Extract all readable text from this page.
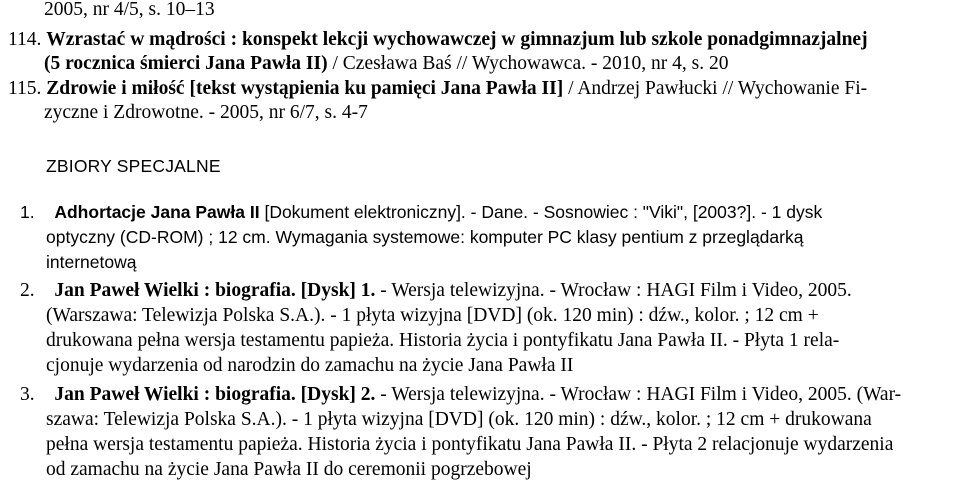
2005, nr 4/5, s. 10–13
114. Wzrastać w mądrości : konspekt lekcji wychowawczej w gimnazjum lub szkole ponadgimnazjalnej
(5 rocznica śmierci Jana Pawła II) / Czesława Baś // Wychowawca. - 2010, nr 4, s. 20
115. Zdrowie i miłość [tekst wystąpienia ku pamięci Jana Pawła II] / Andrzej Pawłucki // Wychowanie Fi-
zyczne i Zdrowotne. - 2005, nr 6/7, s. 4-7
ZBIORY SPECJALNE
1. Adhortacje Jana Pawła II [Dokument elektroniczny]. - Dane. - Sosnowiec : "Viki", [2003?]. - 1 dysk
optyczny (CD-ROM) ; 12 cm. Wymagania systemowe: komputer PC klasy pentium z przeglądarką
internetową
2. Jan Paweł Wielki : biografia. [Dysk] 1. - Wersja telewizyjna. - Wrocław : HAGI Film i Video, 2005.
(Warszawa: Telewizja Polska S.A.). - 1 płyta wizyjna [DVD] (ok. 120 min) : dźw., kolor. ; 12 cm +
drukowana pełna wersja testamentu papieża. Historia życia i pontyfikatu Jana Pawła II. - Płyta 1 rela-
cjonuje wydarzenia od narodzin do zamachu na życie Jana Pawła II
3. Jan Paweł Wielki : biografia. [Dysk] 2. - Wersja telewizyjna. - Wrocław : HAGI Film i Video, 2005. (War-
szawa: Telewizja Polska S.A.). - 1 płyta wizyjna [DVD] (ok. 120 min) : dźw., kolor. ; 12 cm + drukowana
pełna wersja testamentu papieża. Historia życia i pontyfikatu Jana Pawła II. - Płyta 2 relacjonuje wydarzenia
od zamachu na życie Jana Pawła II do ceremonii pogrzebowej
